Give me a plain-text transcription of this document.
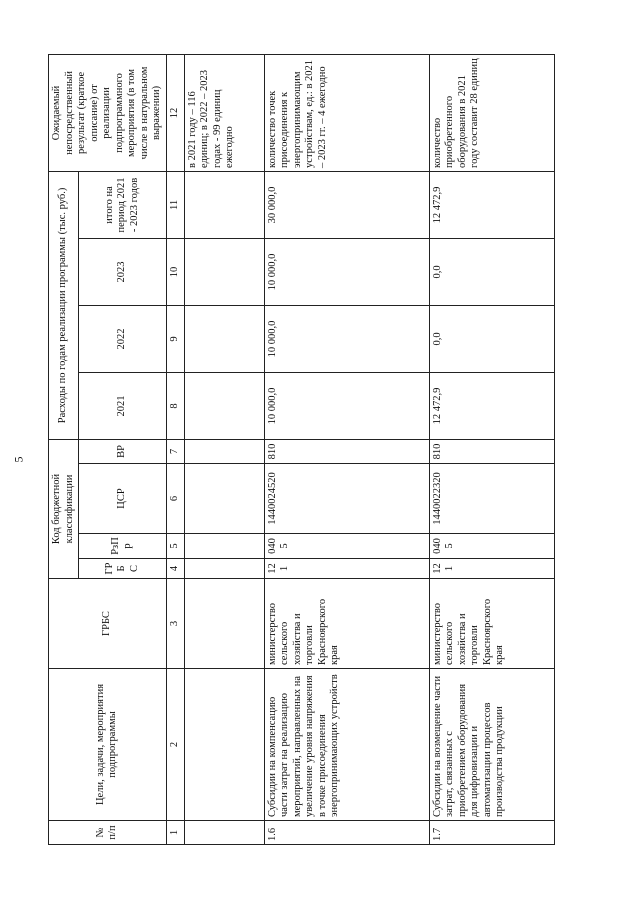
5
№ п/п	Цели, задачи, мероприятия подпрограммы	ГРБС	Код бюджетной классификации				Расходы по годам реализации программы (тыс. руб.)				Ожидаемый непосредственный результат (краткое описание) от реализации подпрограммного мероприятия (в том числе в натуральном выражении)
			ГРБ С	РзПр	ЦСР	ВР	2021	2022	2023	итого на период 2021 - 2023 годов	

1	2	3	4	5	6	7	8	9	10	11	12
											в 2021 году – 116 единиц; в 2022 – 2023 годах - 99 единиц ежегодно
1.6	Субсидии на компенсацию части затрат на реализацию мероприятий, направленных на увеличение уровня напряжения в точке присоединения энергопринимающих устройств	министерство сельского хозяйства и торговли Красноярского края	121	0405	1440024520	810	10 000,0	10 000,0	10 000,0	30 000,0	количество точек присоединения к энергопринимающим устройствам, ед.: в 2021 – 2023 гг. – 4 ежегодно
1.7	Субсидии на возмещение части затрат, связанных с приобретением оборудования для цифровизации и автоматизации процессов производства продукции	министерство сельского хозяйства и торговли Красноярского края	121	0405	1440022320	810	12 472,9	0,0	0,0	12 472,9	количество приобретенного оборудования в 2021 году составит 28 единиц
